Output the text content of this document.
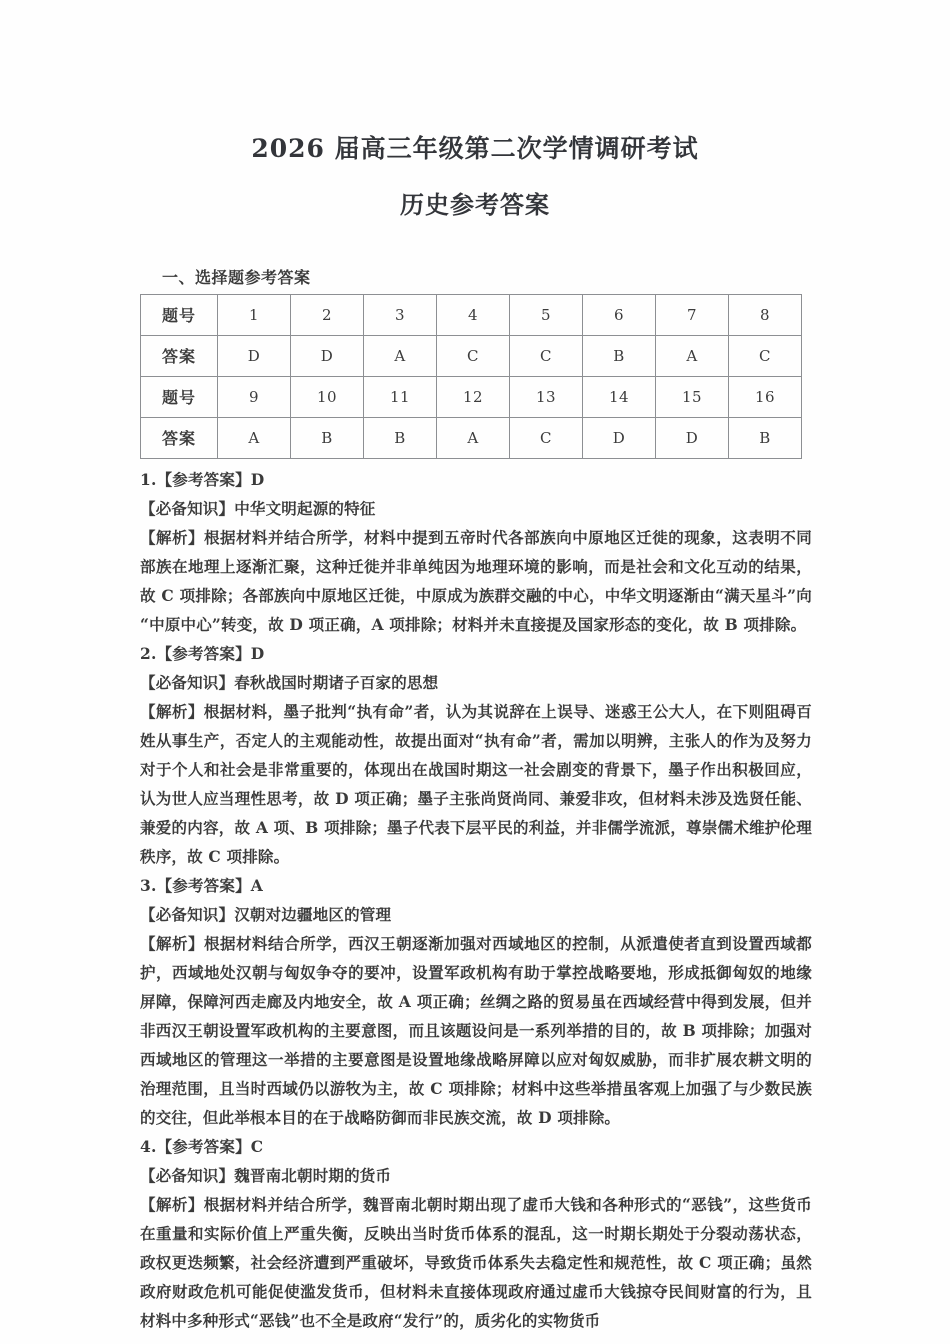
2026 届高三年级第二次学情调研考试
历史参考答案
一、选择题参考答案
题号	1	2	3	4	5	6	7	8
答案	D	D	A	C	C	B	A	C
题号	9	10	11	12	13	14	15	16
答案	A	B	B	A	C	D	D	B

1.【参考答案】D

【必备知识】中华文明起源的特征

【解析】根据材料并结合所学，材料中提到五帝时代各部族向中原地区迁徙的现象，这表明不同部族在地理上逐渐汇聚，这种迁徙并非单纯因为地理环境的影响，而是社会和文化互动的结果，故 C 项排除；各部族向中原地区迁徙，中原成为族群交融的中心，中华文明逐渐由“满天星斗”向“中原中心”转变，故 D 项正确，A 项排除；材料并未直接提及国家形态的变化，故 B 项排除。

2.【参考答案】D

【必备知识】春秋战国时期诸子百家的思想

【解析】根据材料，墨子批判“执有命”者，认为其说辞在上误导、迷惑王公大人，在下则阻碍百姓从事生产，否定人的主观能动性，故提出面对“执有命”者，需加以明辨，主张人的作为及努力对于个人和社会是非常重要的，体现出在战国时期这一社会剧变的背景下，墨子作出积极回应，认为世人应当理性思考，故 D 项正确；墨子主张尚贤尚同、兼爱非攻，但材料未涉及选贤任能、兼爱的内容，故 A 项、B 项排除；墨子代表下层平民的利益，并非儒学流派，尊崇儒术维护伦理秩序，故 C 项排除。

3.【参考答案】A

【必备知识】汉朝对边疆地区的管理

【解析】根据材料结合所学，西汉王朝逐渐加强对西域地区的控制，从派遣使者直到设置西域都护，西域地处汉朝与匈奴争夺的要冲，设置军政机构有助于掌控战略要地，形成抵御匈奴的地缘屏障，保障河西走廊及内地安全，故 A 项正确；丝绸之路的贸易虽在西域经营中得到发展，但并非西汉王朝设置军政机构的主要意图，而且该题设问是一系列举措的目的，故 B 项排除；加强对西域地区的管理这一举措的主要意图是设置地缘战略屏障以应对匈奴威胁，而非扩展农耕文明的治理范围，且当时西域仍以游牧为主，故 C 项排除；材料中这些举措虽客观上加强了与少数民族的交往，但此举根本目的在于战略防御而非民族交流，故 D 项排除。

4.【参考答案】C

【必备知识】魏晋南北朝时期的货币

【解析】根据材料并结合所学，魏晋南北朝时期出现了虚币大钱和各种形式的“恶钱”，这些货币在重量和实际价值上严重失衡，反映出当时货币体系的混乱，这一时期长期处于分裂动荡状态，政权更迭频繁，社会经济遭到严重破坏，导致货币体系失去稳定性和规范性，故 C 项正确；虽然政府财政危机可能促使滥发货币，但材料未直接体现政府通过虚币大钱掠夺民间财富的行为，且材料中多种形式“恶钱”也不全是政府“发行”的，质劣化的实物货币
